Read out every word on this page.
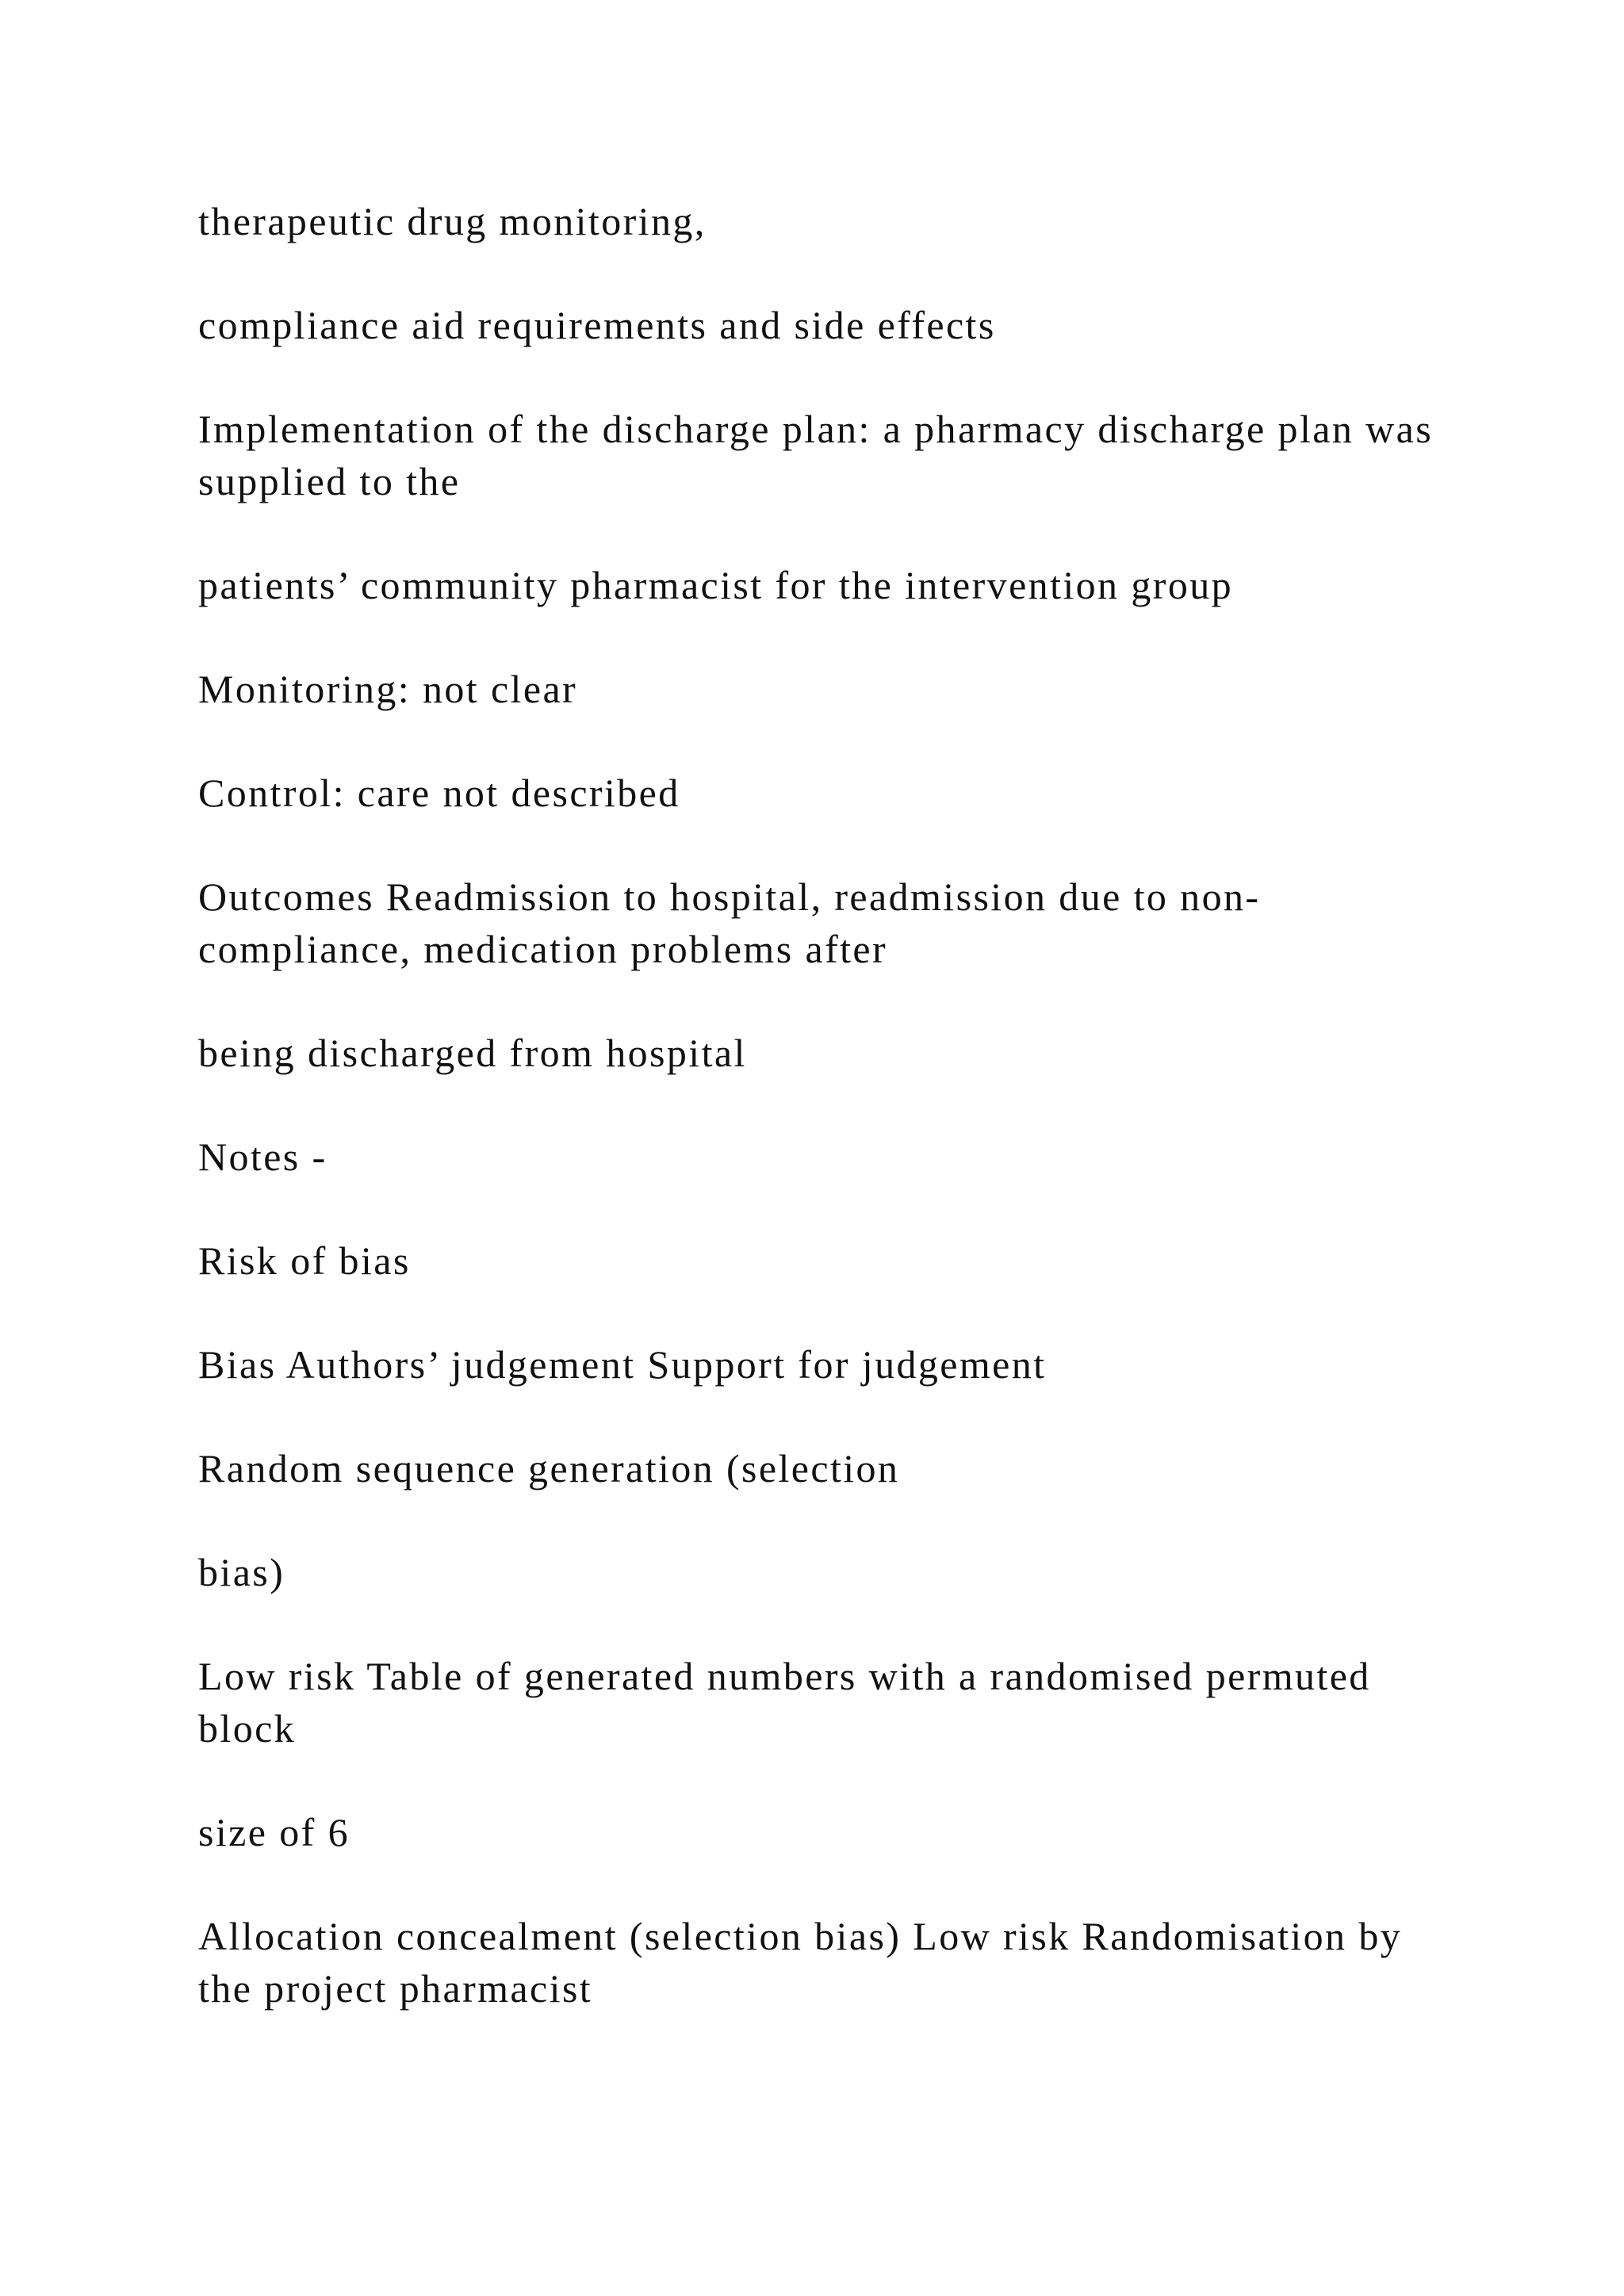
therapeutic drug monitoring,

compliance aid requirements and side effects

Implementation of the discharge plan: a pharmacy discharge plan was supplied to the

patients’ community pharmacist for the intervention group

Monitoring: not clear

Control: care not described

Outcomes Readmission to hospital, readmission due to non-compliance, medication problems after

being discharged from hospital

Notes -

Risk of bias

Bias Authors’ judgement Support for judgement

Random sequence generation (selection

bias)

Low risk Table of generated numbers with a randomised permuted block

size of 6

Allocation concealment (selection bias) Low risk Randomisation by the project pharmacist
